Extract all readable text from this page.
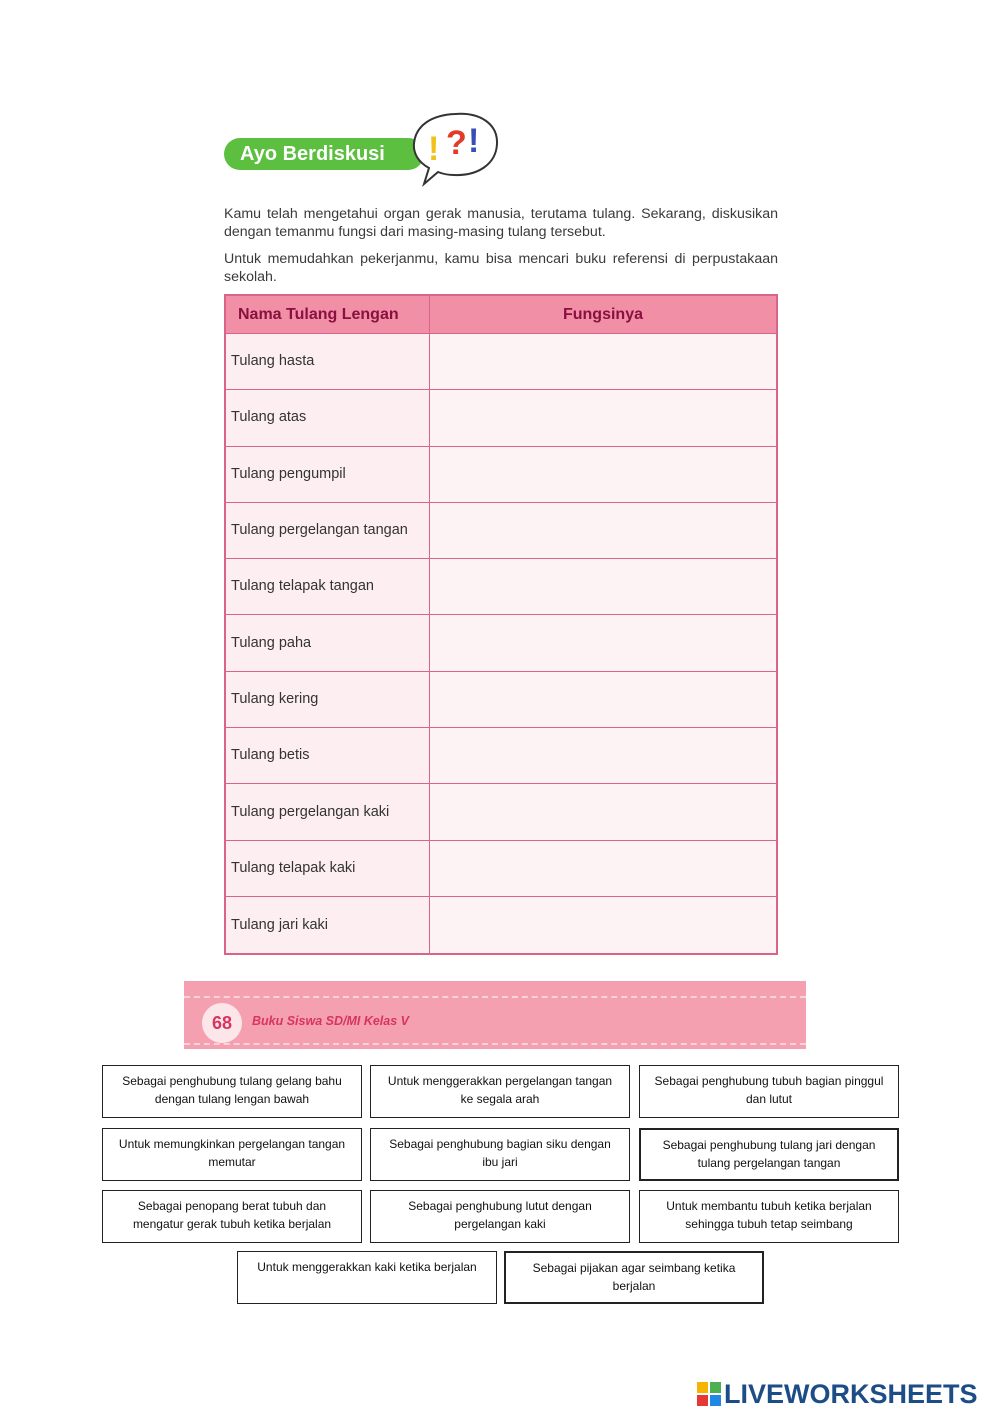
Ayo Berdiskusi	! ? !
Kamu telah mengetahui organ gerak manusia, terutama tulang. Sekarang, diskusikan dengan temanmu fungsi dari masing-masing tulang tersebut.
Untuk memudahkan pekerjanmu, kamu bisa mencari buku referensi di perpustakaan sekolah.
Nama Tulang Lengan	Fungsinya
Tulang hasta
Tulang atas
Tulang pengumpil
Tulang pergelangan tangan
Tulang telapak tangan
Tulang paha
Tulang kering
Tulang betis
Tulang pergelangan kaki
Tulang telapak kaki
Tulang jari kaki
68	Buku Siswa SD/MI Kelas V
Sebagai penghubung tulang gelang bahu dengan tulang lengan bawah
Untuk menggerakkan pergelangan tangan ke segala arah
Sebagai penghubung tubuh bagian pinggul dan lutut
Untuk memungkinkan pergelangan tangan memutar
Sebagai penghubung bagian siku dengan ibu jari
Sebagai penghubung tulang jari dengan tulang pergelangan tangan
Sebagai penopang berat tubuh dan mengatur gerak tubuh ketika berjalan
Sebagai penghubung lutut dengan pergelangan kaki
Untuk membantu tubuh ketika berjalan sehingga tubuh tetap seimbang
Untuk menggerakkan kaki ketika berjalan	Sebagai pijakan agar seimbang ketika berjalan
LIVEWORKSHEETS
